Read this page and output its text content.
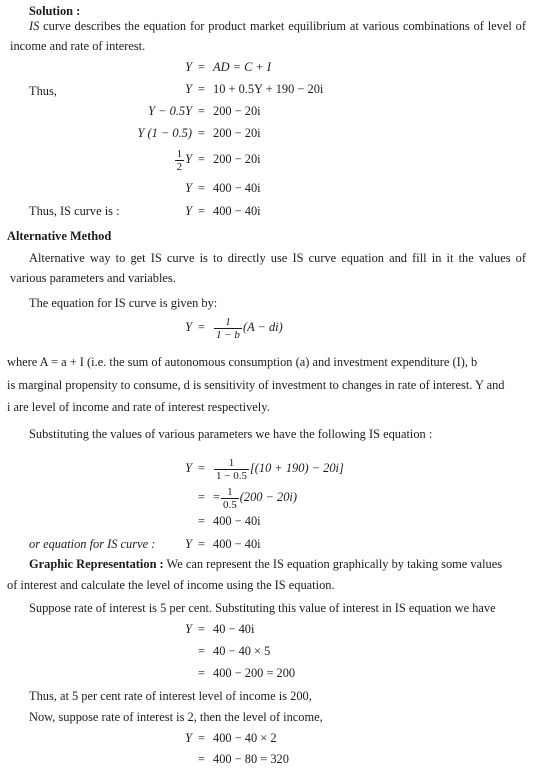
Solution :
IS curve describes the equation for product market equilibrium at various combinations of level of income and rate of interest.
Thus,
Y = AD = C + I
Y = 10 + 0.5Y + 190 − 20i
Y − 0.5Y = 200 − 20i
Y (1 − 0.5) = 200 − 20i
$\frac{1}{2}$ Y = 200 − 20i
Y = 400 − 40i
Thus, IS curve is :	Y = 400 − 40i
Alternative Method
Alternative way to get IS curve is to directly use IS curve equation and fill in it the values of various parameters and variables.
The equation for IS curve is given by:
$Y = \frac{1}{1 - b} (A - di)$
where A = a + I (i.e. the sum of autonomous consumption (a) and investment expenditure (I), b
is marginal propensity to consume, d is sensitivity of investment to changes in rate of interest. Y and
i are level of income and rate of interest respectively.
Substituting the values of various parameters we have the following IS equation :
$Y = \frac{1}{1 - 0.5} [(10 + 190) - 20i]$
= = $\frac{1}{0.5} (200 - 20i)$
= 400 − 40i
or equation for IS curve :	Y = 400 − 40i
Graphic Representation : We can represent the IS equation graphically by taking some values
of interest and calculate the level of income using the IS equation.
Suppose rate of interest is 5 per cent. Substituting this value of interest in IS equation we have
Y = 40 − 40i
= 40 − 40 × 5
= 400 − 200 = 200
Thus, at 5 per cent rate of interest level of income is 200,
Now, suppose rate of interest is 2, then the level of income,
Y = 400 − 40 × 2
= 400 − 80 = 320
